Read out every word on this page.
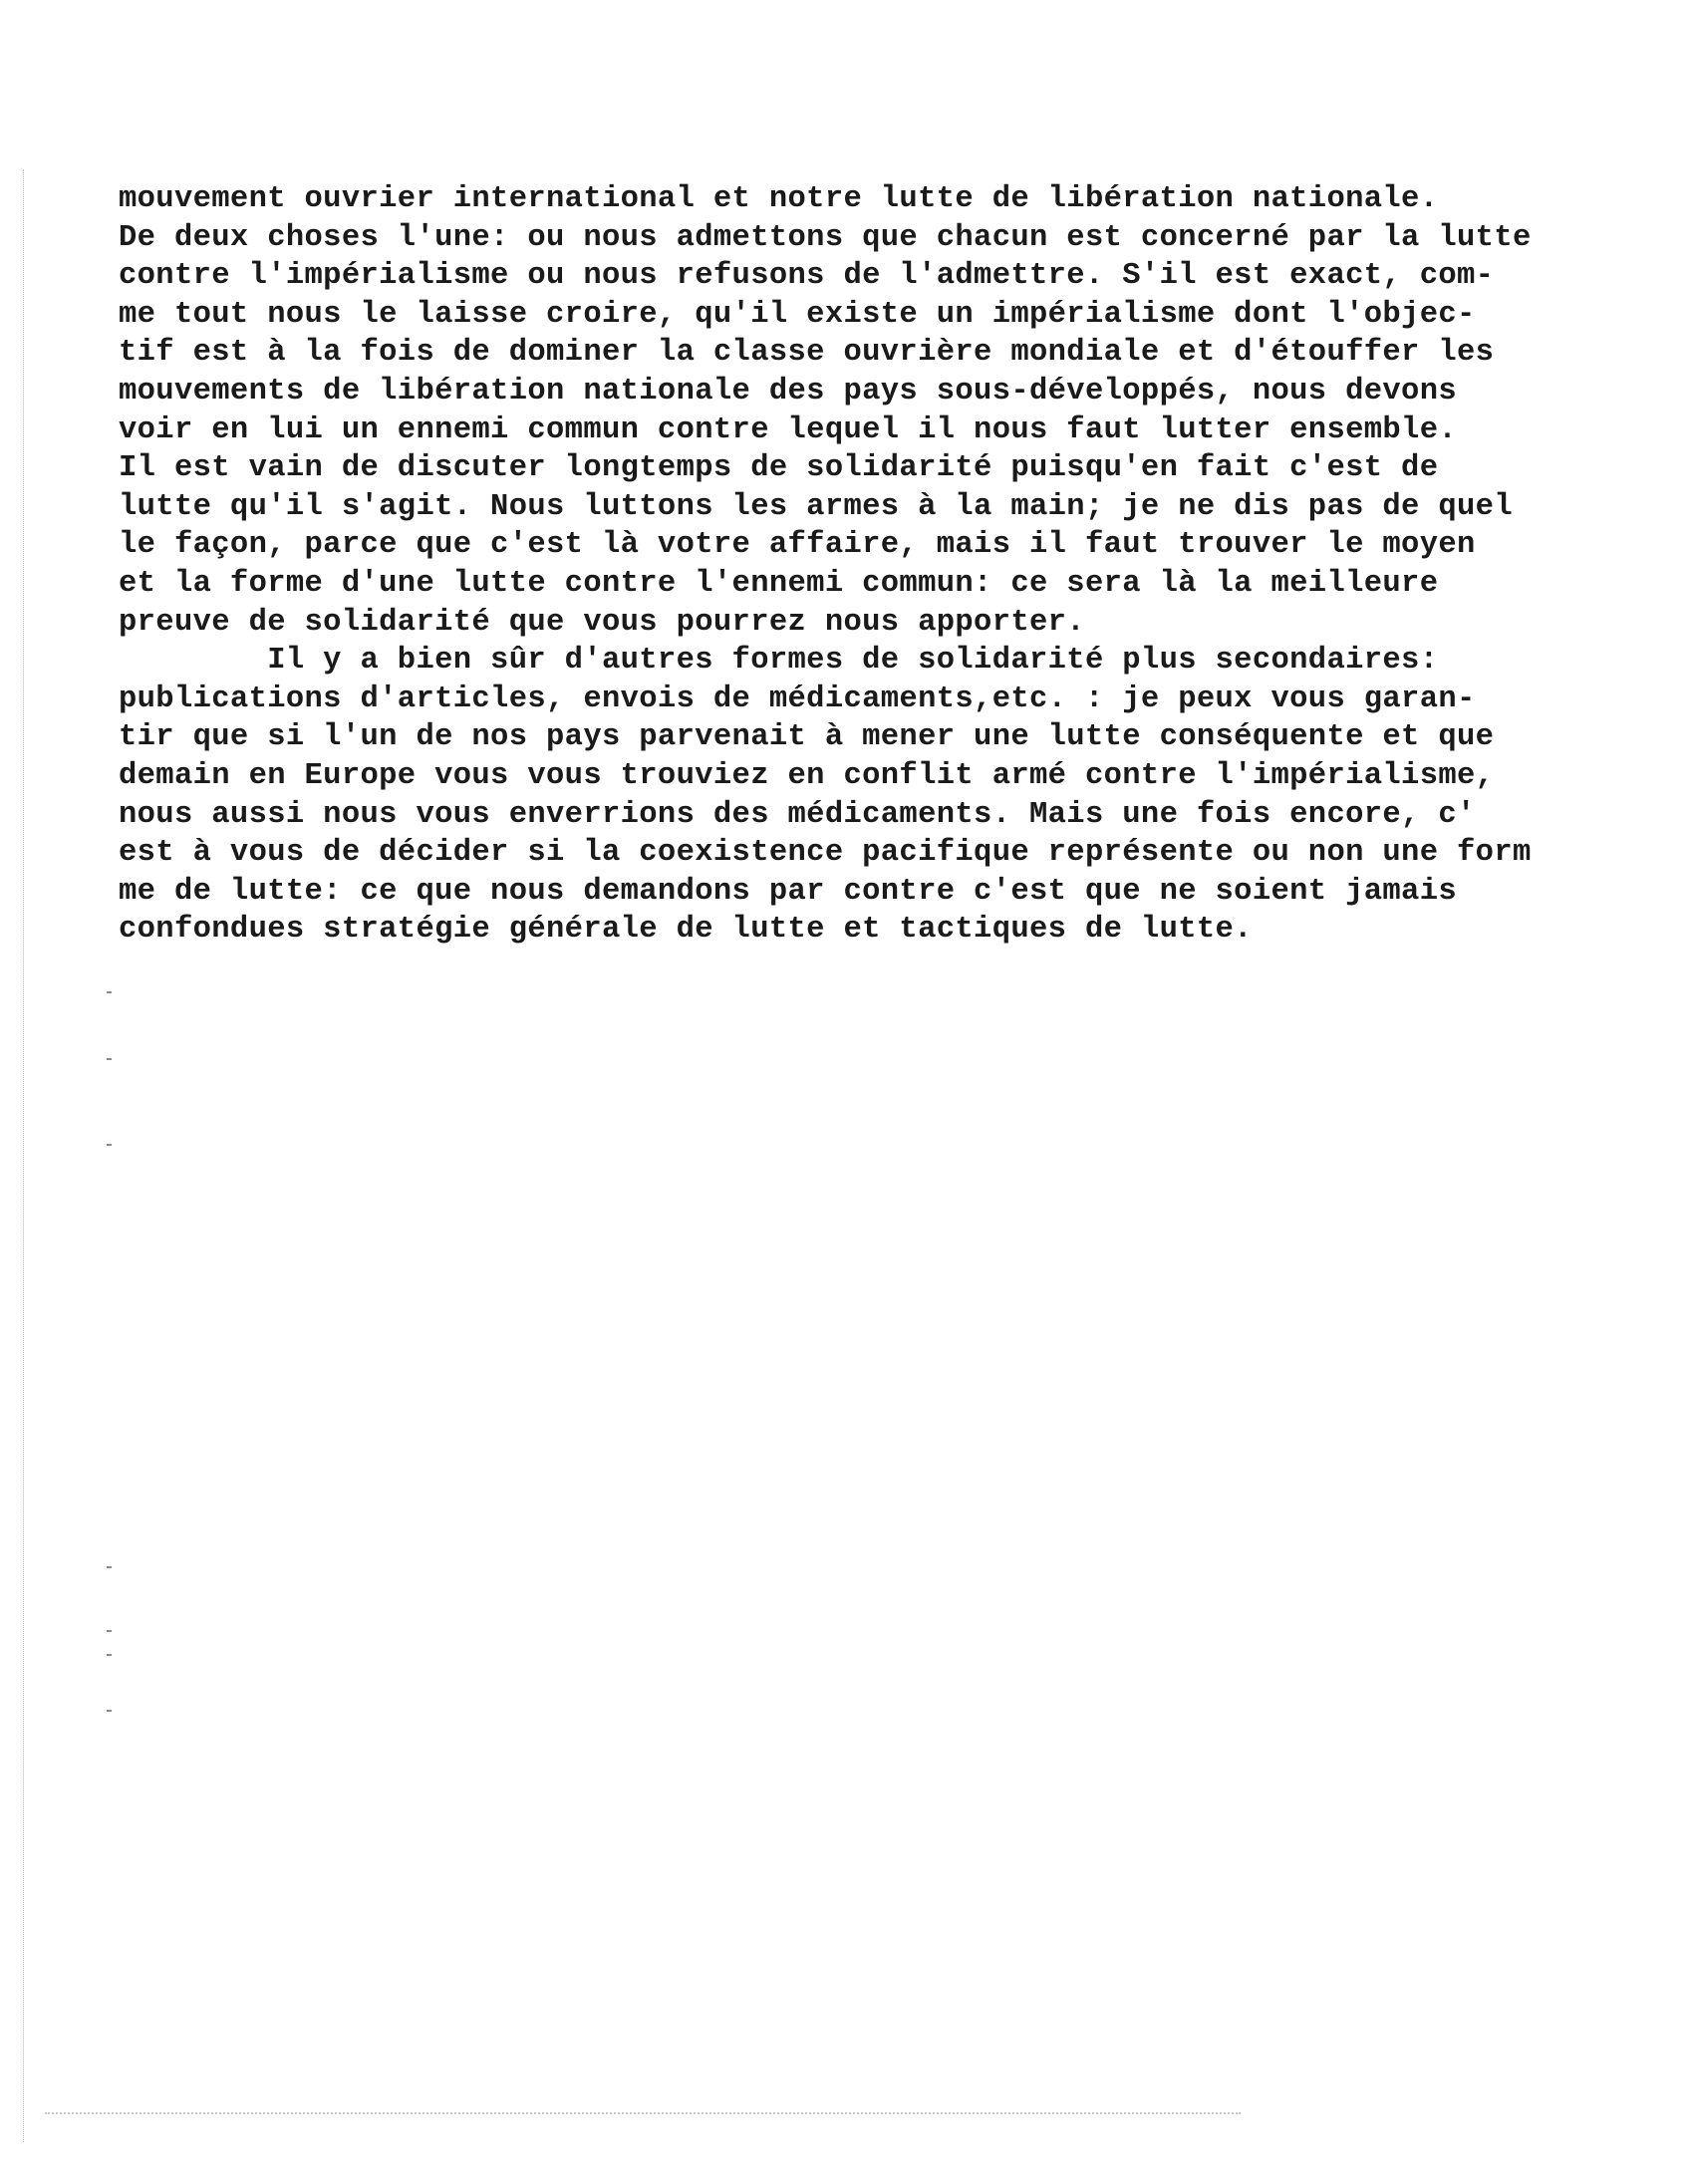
mouvement ouvrier international et notre lutte de libération nationale.
De deux choses l'une: ou nous admettons que chacun est concerné par la lutte
contre l'impérialisme ou nous refusons de l'admettre. S'il est exact, com-
me tout nous le laisse croire, qu'il existe un impérialisme dont l'objec-
tif est à la fois de dominer la classe ouvrière mondiale et d'étouffer les
mouvements de libération nationale des pays sous-développés, nous devons
voir en lui un ennemi commun contre lequel il nous faut lutter ensemble.
Il est vain de discuter longtemps de solidarité puisqu'en fait c'est de
lutte qu'il s'agit. Nous luttons les armes à la main; je ne dis pas de quel
le façon, parce que c'est là votre affaire, mais il faut trouver le moyen
et la forme d'une lutte contre l'ennemi commun: ce sera là la meilleure
preuve de solidarité que vous pourrez nous apporter.
Il y a bien sûr d'autres formes de solidarité plus secondaires:
publications d'articles, envois de médicaments,etc. : je peux vous garan-
tir que si l'un de nos pays parvenait à mener une lutte conséquente et que
demain en Europe vous vous trouviez en conflit armé contre l'impérialisme,
nous aussi nous vous enverrions des médicaments. Mais une fois encore, c'
est à vous de décider si la coexistence pacifique représente ou non une form
me de lutte: ce que nous demandons par contre c'est que ne soient jamais
confondues stratégie générale de lutte et tactiques de lutte.
